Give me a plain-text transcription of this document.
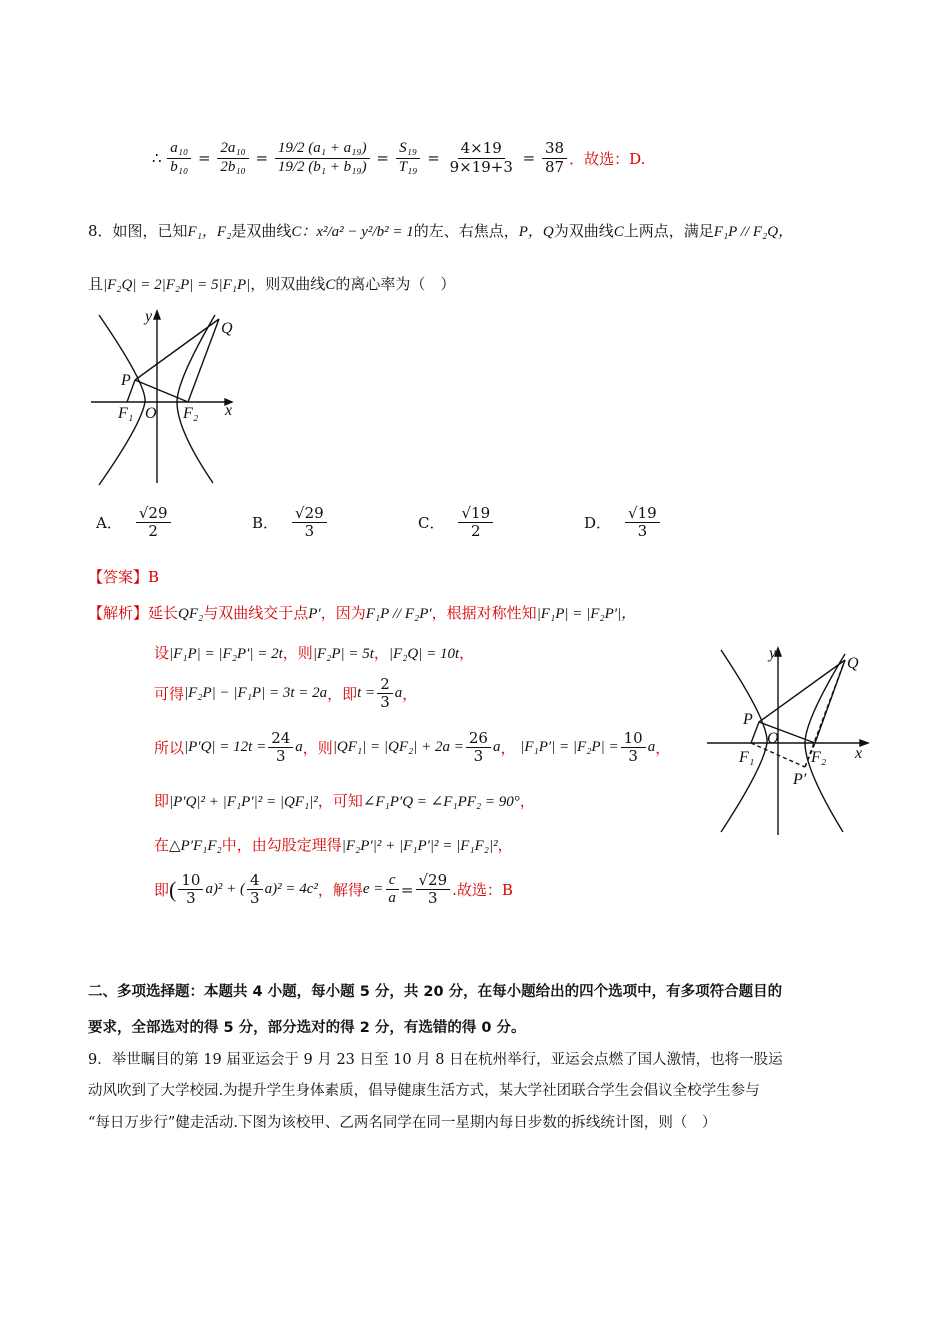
∴ $\frac{\text{a₁₀}}{\text{b₁₀}} = \frac{\text{2a₁₀}}{\text{2b₁₀}} = \frac{\text{19/2 (a₁ + a₁₉)}}{\text{19/2 (b₁ + b₁₉)}} = \frac{\text{S₁₉}}{\text{T₁₉}} = \frac{4\times 19}{9\times 19+3} = \frac{38}{87}$ ．故选：D.
8．如图，已知F₁，F₂是双曲线C：x²/a² − y²/b² = 1的左、右焦点，P，Q为双曲线C上两点，满足F₁P // F₂Q，
且|F₂Q| = 2|F₂P| = 5|F₁P|，则双曲线C的离心率为（　）
y
x
O
P
Q
F₁	F₂
A． $\frac{√29}{2}$	B． $\frac{√29}{3}$	C． $\frac{√19}{2}$	D． $\frac{√19}{3}$
【答案】B
【解析】延长QF₂与双曲线交于点P′，因为F₁P // F₂P′，根据对称性知|F₁P| = |F₂P′|，
设|F₁P| = |F₂P′| = 2t，则|F₂P| = 5t，|F₂Q| = 10t，
可得 |F₂P| − |F₁P| = 3t = 2a ，即 $t = \frac{2}{3}$ a ，
所以 $|P'Q| = 12t = \frac{24}{3}$ a ，则 $|QF_1| = |QF_2| + 2a = \frac{26}{3}$ a ，
$|F_1P'| = |F_2P| = \frac{10}{3}$ a ，
即|P′Q|² + |F₁P′|² = |QF₁|²，可知∠F₁P′Q = ∠F₁PF₂ = 90°，
在△P′F₁F₂中，由勾股定理得|F₂P′|² + |F₁P′|² = |F₁F₂|²，
即 ( $\frac{10}{3} a)^2$ + ( $\frac{4}{3} a)^2 = 4c^2$ ，解得 $e = \frac{c}{a} = \frac{√29}{3}$ .故选：B
y
x
O
P
Q
P′
F₁	F₂
二、多项选择题：本题共 4 小题，每小题 5 分，共 20 分，在每小题给出的四个选项中，有多项符合题目的
要求，全部选对的得 5 分，部分选对的得 2 分，有选错的得 0 分。
9．举世瞩目的第 19 届亚运会于 9 月 23 日至 10 月 8 日在杭州举行，亚运会点燃了国人激情，也将一股运
动风吹到了大学校园.为提升学生身体素质，倡导健康生活方式，某大学社团联合学生会倡议全校学生参与
“每日万步行”健走活动.下图为该校甲、乙两名同学在同一星期内每日步数的拆线统计图，则（　）
